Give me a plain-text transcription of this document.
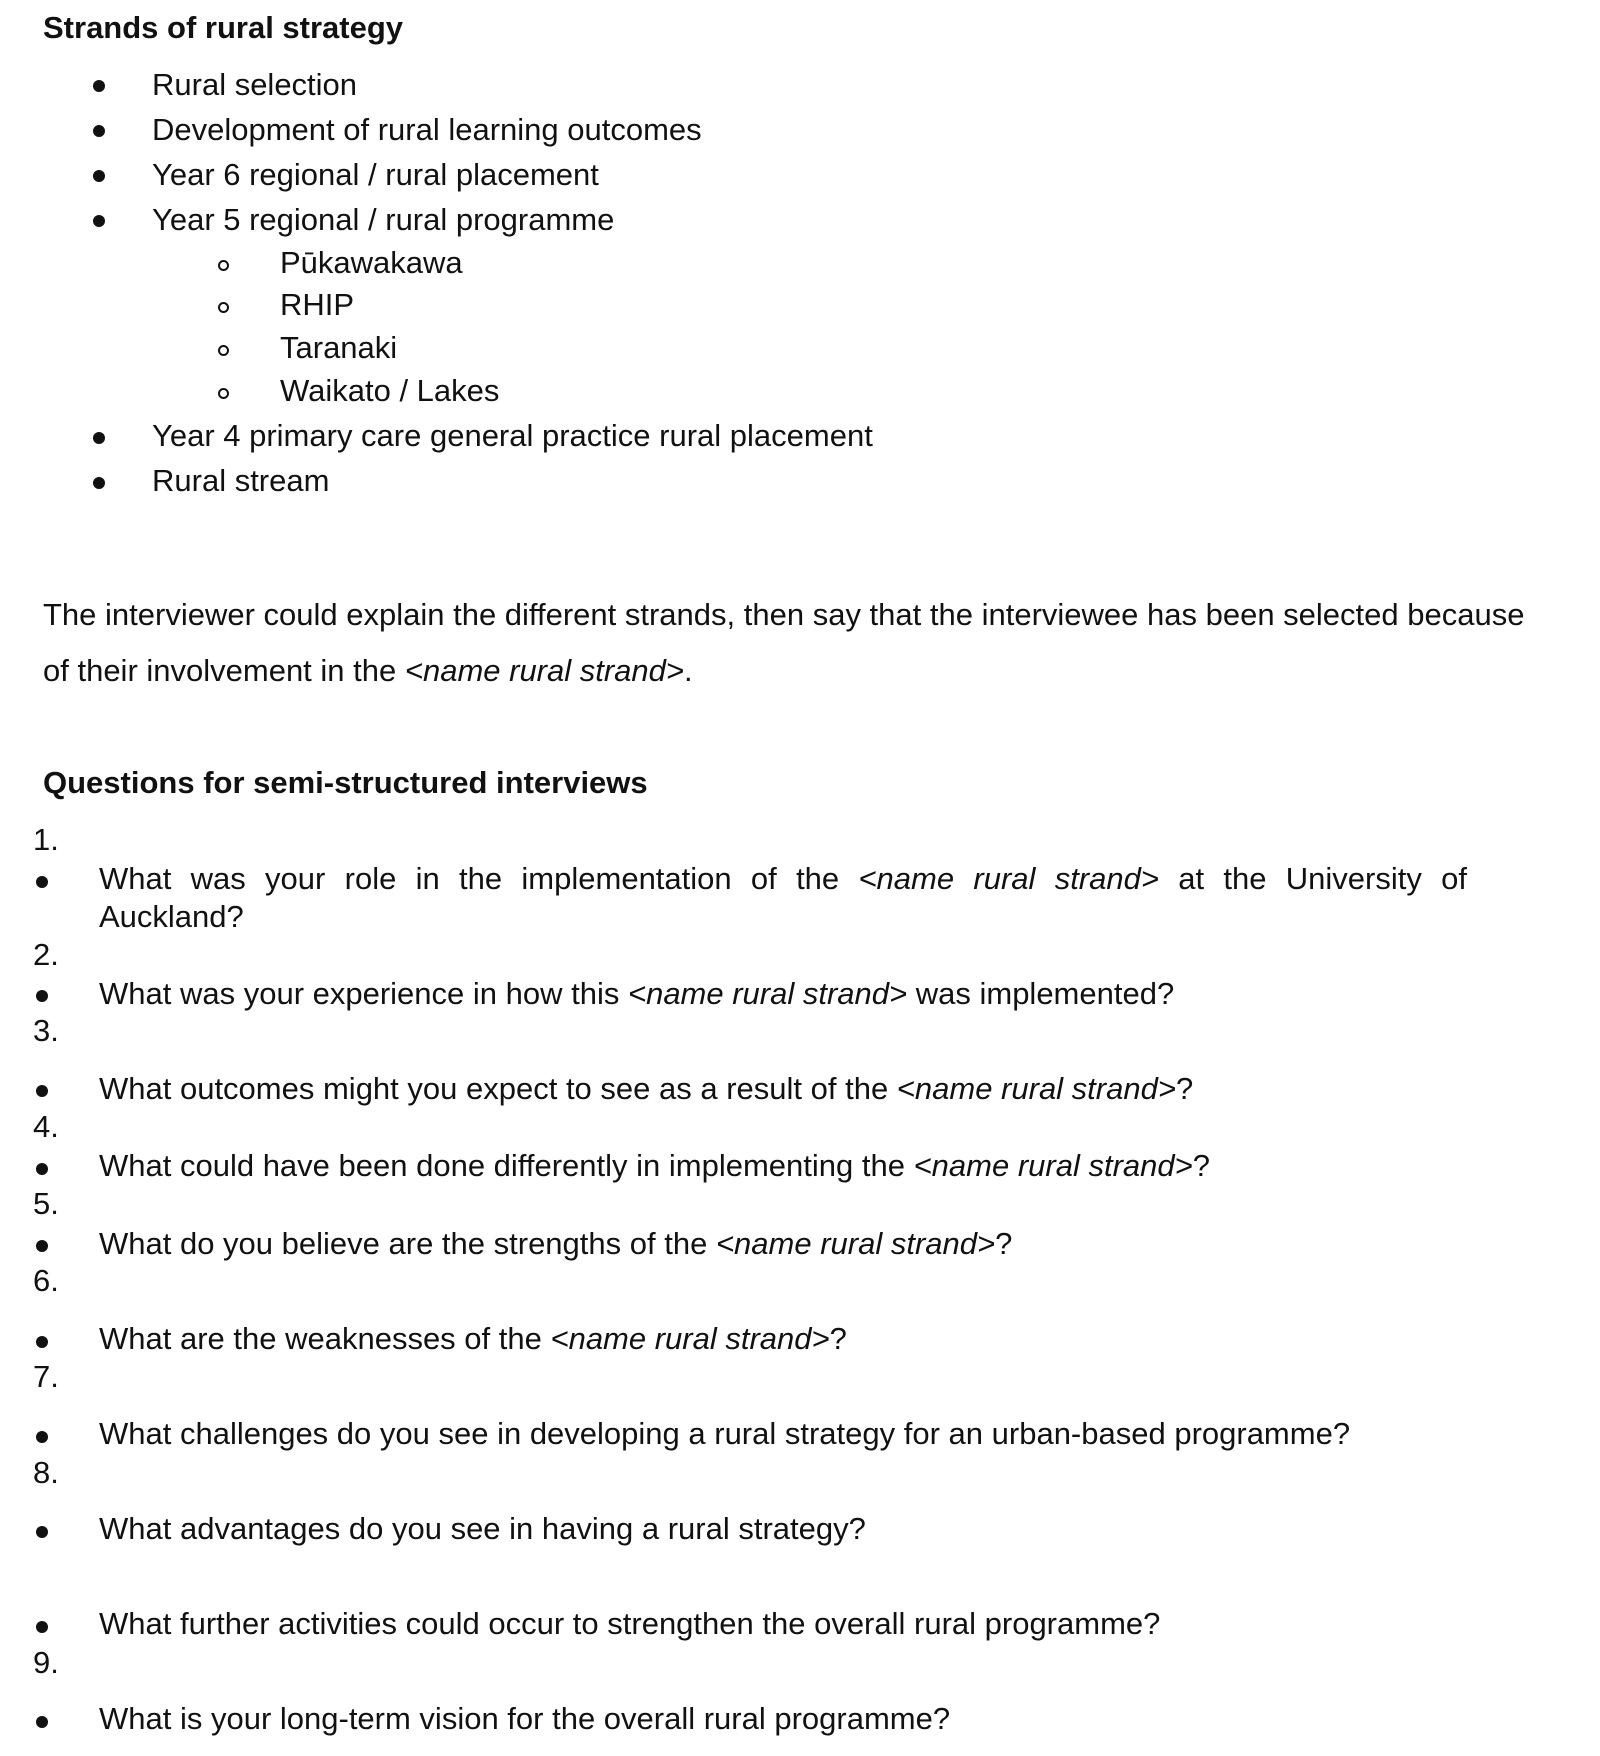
Strands of rural strategy

Rural selection

Development of rural learning outcomes

Year 6 regional / rural placement

Year 5 regional / rural programme

Pūkawakawa

RHIP

Taranaki

Waikato / Lakes

Year 4 primary care general practice rural placement

Rural stream

The interviewer could explain the different strands, then say that the interviewee has been selected because

of their involvement in the <name rural strand>.

Questions for semi-structured interviews

1.

What was your role in the implementation of the <name rural strand> at the University of

Auckland?

2.

What was your experience in how this <name rural strand> was implemented?

3.

What outcomes might you expect to see as a result of the <name rural strand>?

4.

What could have been done differently in implementing the <name rural strand>?

5.

What do you believe are the strengths of the <name rural strand>?

6.

What are the weaknesses of the <name rural strand>?

7.

What challenges do you see in developing a rural strategy for an urban-based programme?

8.

What advantages do you see in having a rural strategy?

What further activities could occur to strengthen the overall rural programme?

9.

What is your long-term vision for the overall rural programme?
